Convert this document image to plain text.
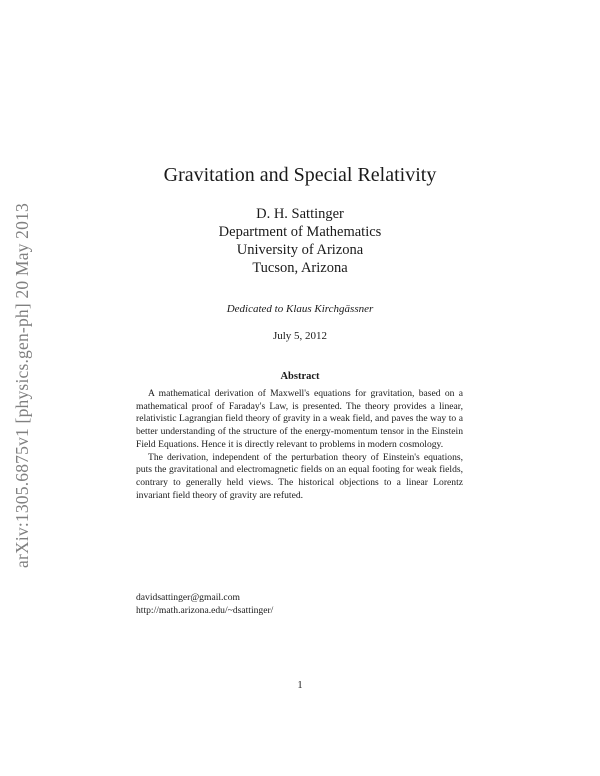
arXiv:1305.6875v1 [physics.gen-ph] 20 May 2013
Gravitation and Special Relativity
D. H. Sattinger
Department of Mathematics
University of Arizona
Tucson, Arizona
Dedicated to Klaus Kirchgässner
July 5, 2012
Abstract

A mathematical derivation of Maxwell's equations for gravitation, based on a mathematical proof of Faraday's Law, is presented. The theory provides a linear, relativistic Lagrangian field theory of gravity in a weak field, and paves the way to a better understanding of the structure of the energy-momentum tensor in the Einstein Field Equations. Hence it is directly relevant to problems in modern cosmology.

The derivation, independent of the perturbation theory of Einstein's equations, puts the gravitational and electromagnetic fields on an equal footing for weak fields, contrary to generally held views. The historical objections to a linear Lorentz invariant field theory of gravity are refuted.

davidsattinger@gmail.com
http://math.arizona.edu/~dsattinger/
1
